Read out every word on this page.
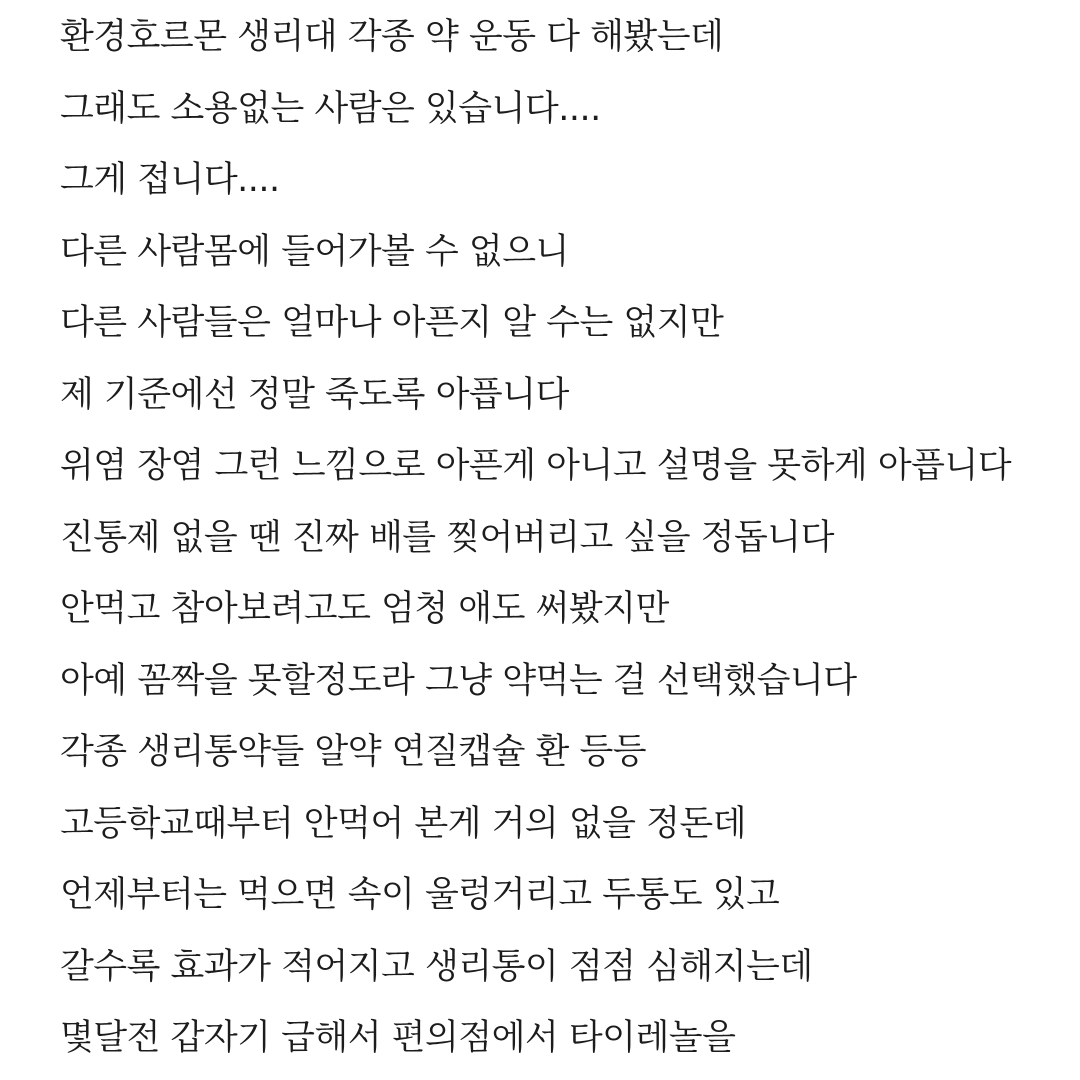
환경호르몬 생리대 각종 약 운동 다 해봤는데
그래도 소용없는 사람은 있습니다....
그게 접니다....
다른 사람몸에 들어가볼 수 없으니
다른 사람들은 얼마나 아픈지 알 수는 없지만
제 기준에선 정말 죽도록 아픕니다
위염 장염 그런 느낌으로 아픈게 아니고 설명을 못하게 아픕니다
진통제 없을 땐 진짜 배를 찢어버리고 싶을 정돕니다
안먹고 참아보려고도 엄청 애도 써봤지만
아예 꼼짝을 못할정도라 그냥 약먹는 걸 선택했습니다
각종 생리통약들 알약 연질캡슐 환 등등
고등학교때부터 안먹어 본게 거의 없을 정돈데
언제부터는 먹으면 속이 울렁거리고 두통도 있고
갈수록 효과가 적어지고 생리통이 점점 심해지는데
몇달전 갑자기 급해서 편의점에서 타이레놀을
